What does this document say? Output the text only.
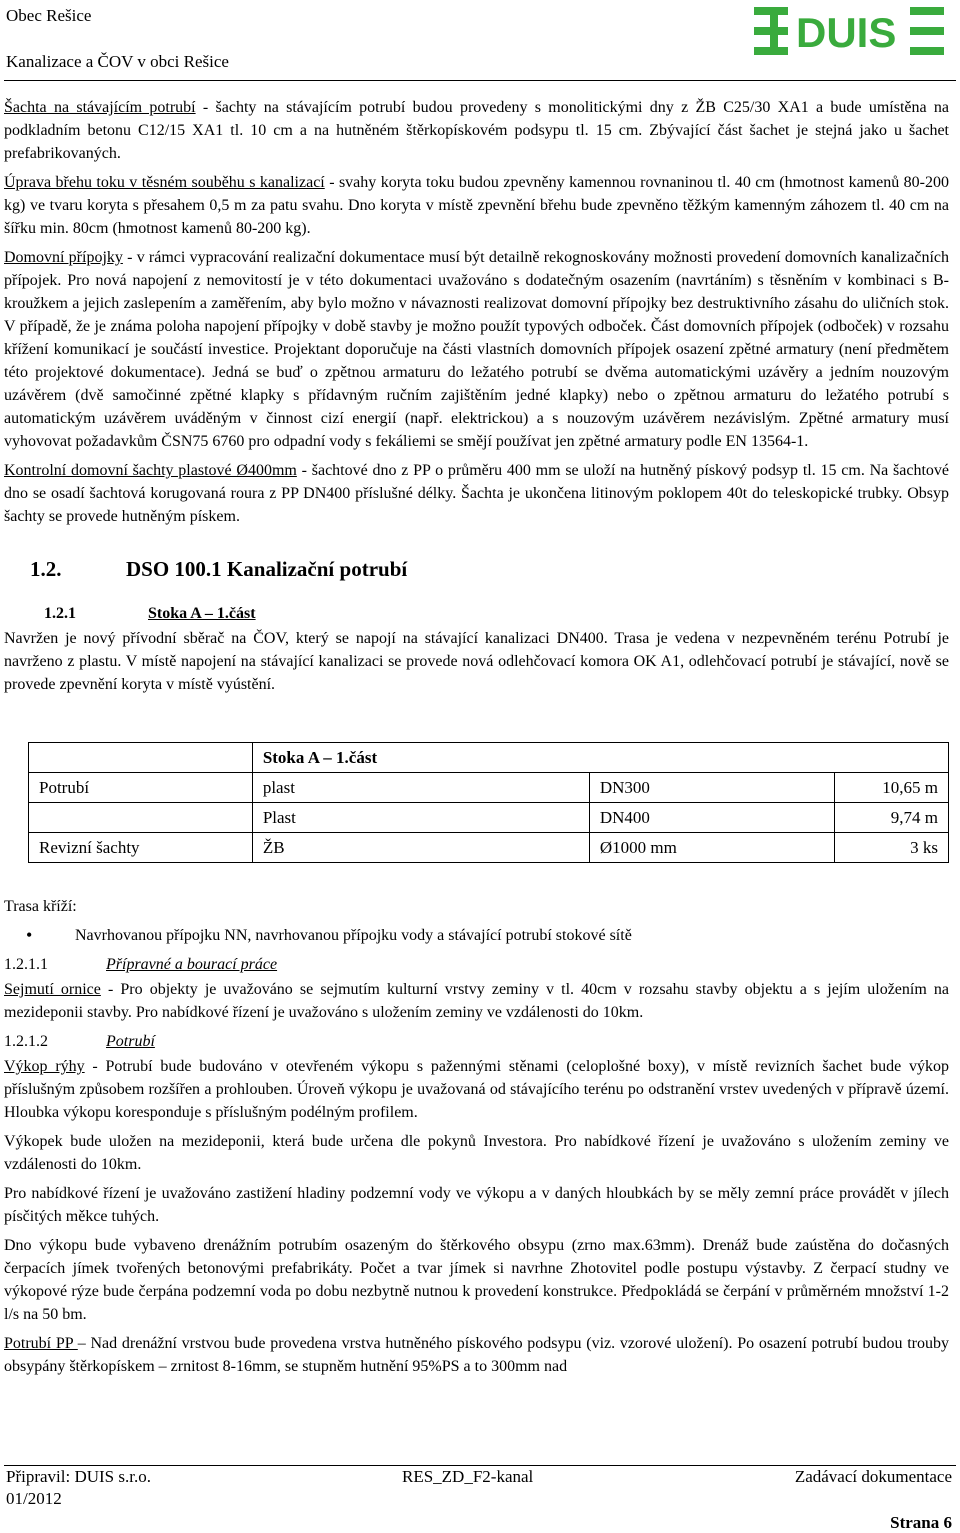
Obec Rešice
Kanalizace a ČOV v obci Rešice
DUIS

Šachta na stávajícím potrubí - šachty na stávajícím potrubí budou provedeny s monolitickými dny z ŽB C25/30 XA1 a bude umístěna na podkladním betonu C12/15 XA1 tl. 10 cm a na hutněném štěrkopískovém podsypu tl. 15 cm. Zbývající část šachet je stejná jako u šachet prefabrikovaných.

Úprava břehu toku v těsném souběhu s kanalizací - svahy koryta toku budou zpevněny kamennou rovnaninou tl. 40 cm (hmotnost kamenů 80-200 kg) ve tvaru koryta s přesahem 0,5 m za patu svahu. Dno koryta v místě zpevnění břehu bude zpevněno těžkým kamenným záhozem tl. 40 cm na šířku min. 80cm (hmotnost kamenů 80-200 kg).

Domovní přípojky - v rámci vypracování realizační dokumentace musí být detailně rekognoskovány možnosti provedení domovních kanalizačních přípojek. Pro nová napojení z nemovitostí je v této dokumentaci uvažováno s dodatečným osazením (navrtáním) s těsněním v kombinaci s B-kroužkem a jejich zaslepením a zaměřením, aby bylo možno v návaznosti realizovat domovní přípojky bez destruktivního zásahu do uličních stok. V případě, že je známa poloha napojení přípojky v době stavby je možno použít typových odboček. Část domovních přípojek (odboček) v rozsahu křížení komunikací je součástí investice. Projektant doporučuje na části vlastních domovních přípojek osazení zpětné armatury (není předmětem této projektové dokumentace). Jedná se buď o zpětnou armaturu do ležatého potrubí se dvěma automatickými uzávěry a jedním nouzovým uzávěrem (dvě samočinné zpětné klapky s přídavným ručním zajištěním jedné klapky) nebo o zpětnou armaturu do ležatého potrubí s automatickým uzávěrem uváděným v činnost cizí energií (např. elektrickou) a s nouzovým uzávěrem nezávislým. Zpětné armatury musí vyhovovat požadavkům ČSN75 6760 pro odpadní vody s fekáliemi se smějí používat jen zpětné armatury podle EN 13564-1.

Kontrolní domovní šachty plastové Ø400mm - šachtové dno z PP o průměru 400 mm se uloží na hutněný pískový podsyp tl. 15 cm. Na šachtové dno se osadí šachtová korugovaná roura z PP DN400 příslušné délky. Šachta je ukončena litinovým poklopem 40t do teleskopické trubky. Obsyp šachty se provede hutněným pískem.

1.2.	DSO 100.1 Kanalizační potrubí
1.2.1	Stoka A – 1.část

Navržen je nový přívodní sběrač na ČOV, který se napojí na stávající kanalizaci DN400. Trasa je vedena v nezpevněném terénu Potrubí je navrženo z plastu. V místě napojení na stávající kanalizaci se provede nová odlehčovací komora OK A1, odlehčovací potrubí je stávající, nově se provede zpevnění koryta v místě vyústění.

	Stoka A – 1.část		
Potrubí	plast	DN300	10,65 m
	Plast	DN400	9,74 m
Revizní šachty	ŽB	Ø1000 mm	3 ks
Trasa kříží:
• Navrhovanou přípojku NN, navrhovanou přípojku vody a stávající potrubí stokové sítě
1.2.1.1	Přípravné a bourací práce

Sejmutí ornice - Pro objekty je uvažováno se sejmutím kulturní vrstvy zeminy v tl. 40cm v rozsahu stavby objektu a s jejím uložením na mezideponii stavby. Pro nabídkové řízení je uvažováno s uložením zeminy ve vzdálenosti do 10km.

1.2.1.2	Potrubí

Výkop rýhy - Potrubí bude budováno v otevřeném výkopu s pažennými stěnami (celoplošné boxy), v místě revizních šachet bude výkop příslušným způsobem rozšířen a prohlouben. Úroveň výkopu je uvažovaná od stávajícího terénu po odstranění vrstev uvedených v přípravě území. Hloubka výkopu koresponduje s příslušným podélným profilem.

Výkopek bude uložen na mezideponii, která bude určena dle pokynů Investora. Pro nabídkové řízení je uvažováno s uložením zeminy ve vzdálenosti do 10km.

Pro nabídkové řízení je uvažováno zastižení hladiny podzemní vody ve výkopu a v daných hloubkách by se měly zemní práce provádět v jílech písčitých měkce tuhých.

Dno výkopu bude vybaveno drenážním potrubím osazeným do štěrkového obsypu (zrno max.63mm). Drenáž bude zaústěna do dočasných čerpacích jímek tvořených betonovými prefabrikáty. Počet a tvar jímek si navrhne Zhotovitel podle postupu výstavby. Z čerpací studny ve výkopové rýze bude čerpána podzemní voda po dobu nezbytně nutnou k provedení konstrukce. Předpokládá se čerpání v průměrném množství 1-2 l/s na 50 bm.

Potrubí PP – Nad drenážní vrstvou bude provedena vrstva hutněného pískového podsypu (viz. vzorové uložení). Po osazení potrubí budou trouby obsypány štěrkopískem – zrnitost 8-16mm, se stupněm hutnění 95%PS a to 300mm nad

Připravil: DUIS s.r.o.	RES_ZD_F2-kanal	Zadávací dokumentace
01/2012
Strana 6
